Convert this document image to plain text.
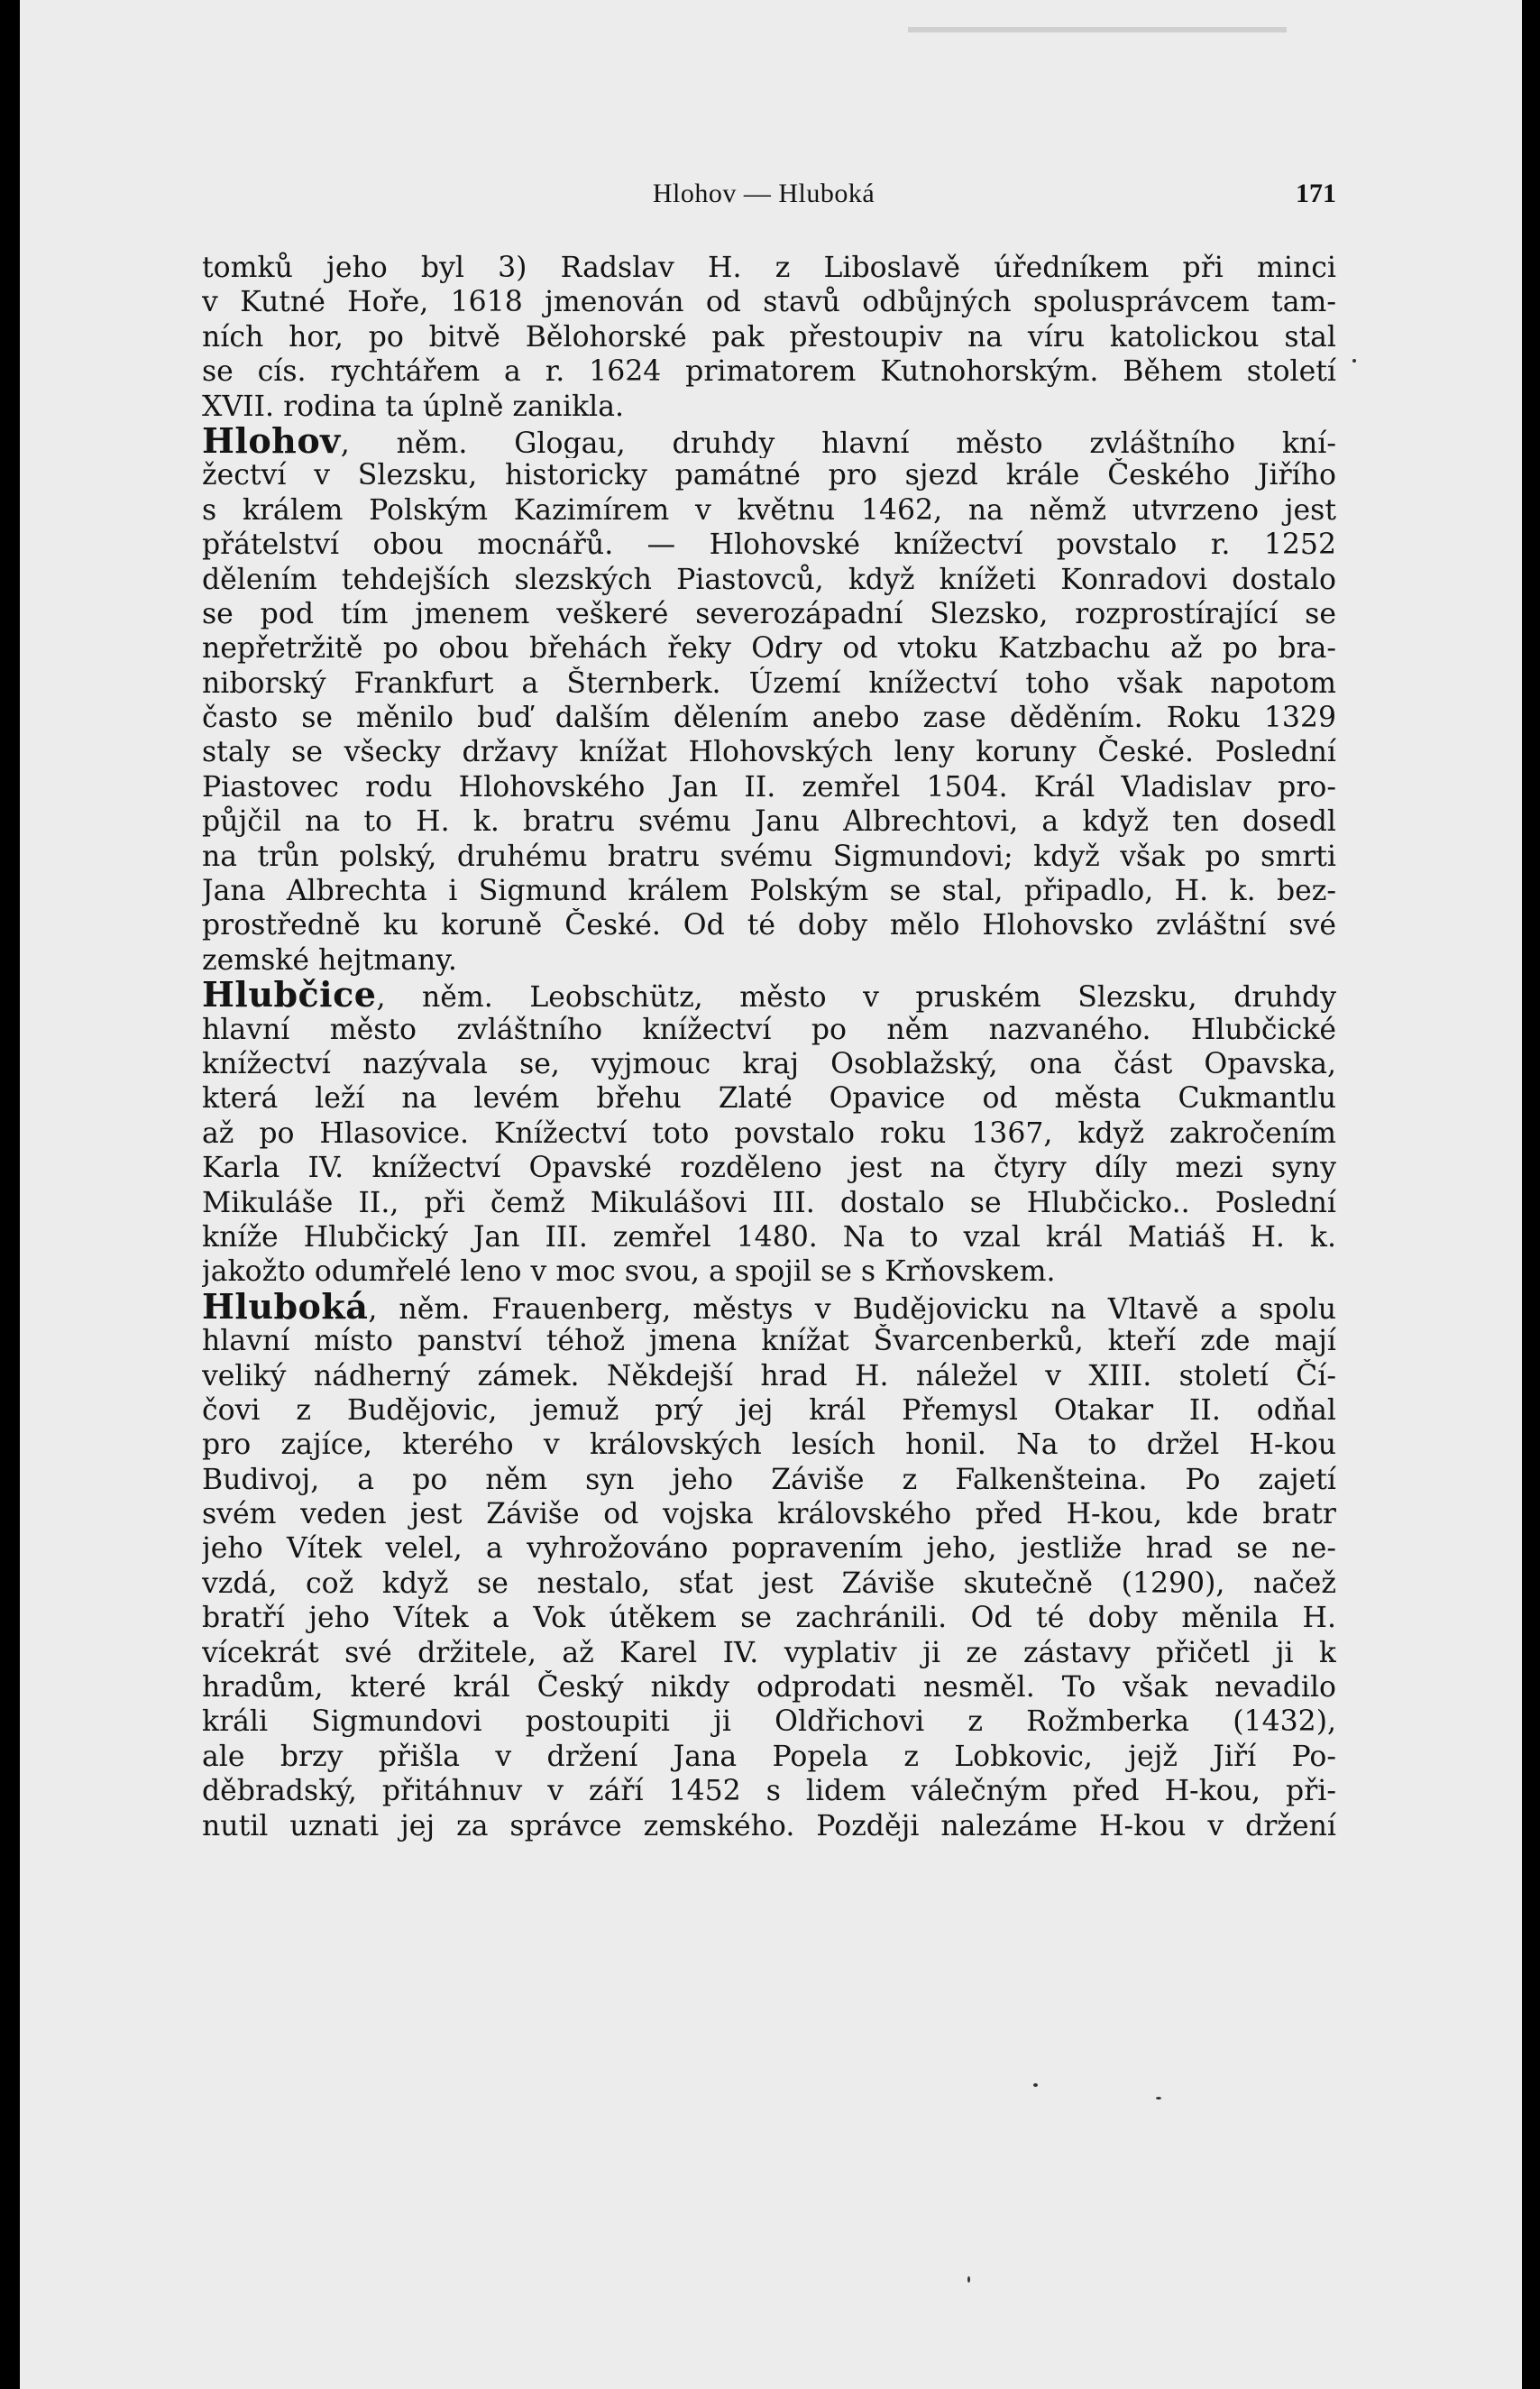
Hlohov — Hluboká	171
tomků jeho byl 3) Radslav H. z Liboslavě úředníkem při minci
v Kutné Hoře, 1618 jmenován od stavů odbůjných spolusprávcem tam-
ních hor, po bitvě Bělohorské pak přestoupiv na víru katolickou stal
se cís. rychtářem a r. 1624 primatorem Kutnohorským. Během století
XVII. rodina ta úplně zanikla.
Hlohov, něm. Glogau, druhdy hlavní město zvláštního kní-
žectví v Slezsku, historicky památné pro sjezd krále Českého Jiřího
s králem Polským Kazimírem v květnu 1462, na němž utvrzeno jest
přátelství obou mocnářů. — Hlohovské knížectví povstalo r. 1252
dělením tehdejších slezských Piastovců, když knížeti Konradovi dostalo
se pod tím jmenem veškeré severozápadní Slezsko, rozprostírající se
nepřetržitě po obou břehách řeky Odry od vtoku Katzbachu až po bra-
niborský Frankfurt a Šternberk. Území knížectví toho však napotom
často se měnilo buď dalším dělením anebo zase děděním. Roku 1329
staly se všecky državy knížat Hlohovských leny koruny České. Poslední
Piastovec rodu Hlohovského Jan II. zemřel 1504. Král Vladislav pro-
půjčil na to H. k. bratru svému Janu Albrechtovi, a když ten dosedl
na trůn polský, druhému bratru svému Sigmundovi; když však po smrti
Jana Albrechta i Sigmund králem Polským se stal, připadlo, H. k. bez-
prostředně ku koruně České. Od té doby mělo Hlohovsko zvláštní své
zemské hejtmany.
Hlubčice, něm. Leobschütz, město v pruském Slezsku, druhdy
hlavní město zvláštního knížectví po něm nazvaného. Hlubčické
knížectví nazývala se, vyjmouc kraj Osoblažský, ona část Opavska,
která leží na levém břehu Zlaté Opavice od města Cukmantlu
až po Hlasovice. Knížectví toto povstalo roku 1367, když zakročením
Karla IV. knížectví Opavské rozděleno jest na čtyry díly mezi syny
Mikuláše II., při čemž Mikulášovi III. dostalo se Hlubčicko.. Poslední
kníže Hlubčický Jan III. zemřel 1480. Na to vzal král Matiáš H. k.
jakožto odumřelé leno v moc svou, a spojil se s Krňovskem.
Hluboká, něm. Frauenberg, městys v Budějovicku na Vltavě a spolu
hlavní místo panství téhož jmena knížat Švarcenberků, kteří zde mají
veliký nádherný zámek. Někdejší hrad H. náležel v XIII. století Čí-
čovi z Budějovic, jemuž prý jej král Přemysl Otakar II. odňal
pro zajíce, kterého v královských lesích honil. Na to držel H-kou
Budivoj, a po něm syn jeho Záviše z Falkenšteina. Po zajetí
svém veden jest Záviše od vojska královského před H-kou, kde bratr
jeho Vítek velel, a vyhrožováno popravením jeho, jestliže hrad se ne-
vzdá, což když se nestalo, sťat jest Záviše skutečně (1290), načež
bratří jeho Vítek a Vok útěkem se zachránili. Od té doby měnila H.
vícekrát své držitele, až Karel IV. vyplativ ji ze zástavy přičetl ji k
hradům, které král Český nikdy odprodati nesměl. To však nevadilo
králi Sigmundovi postoupiti ji Oldřichovi z Rožmberka (1432),
ale brzy přišla v držení Jana Popela z Lobkovic, jejž Jiří Po-
děbradský, přitáhnuv v září 1452 s lidem válečným před H-kou, při-
nutil uznati jej za správce zemského. Později nalezáme H-kou v držení
